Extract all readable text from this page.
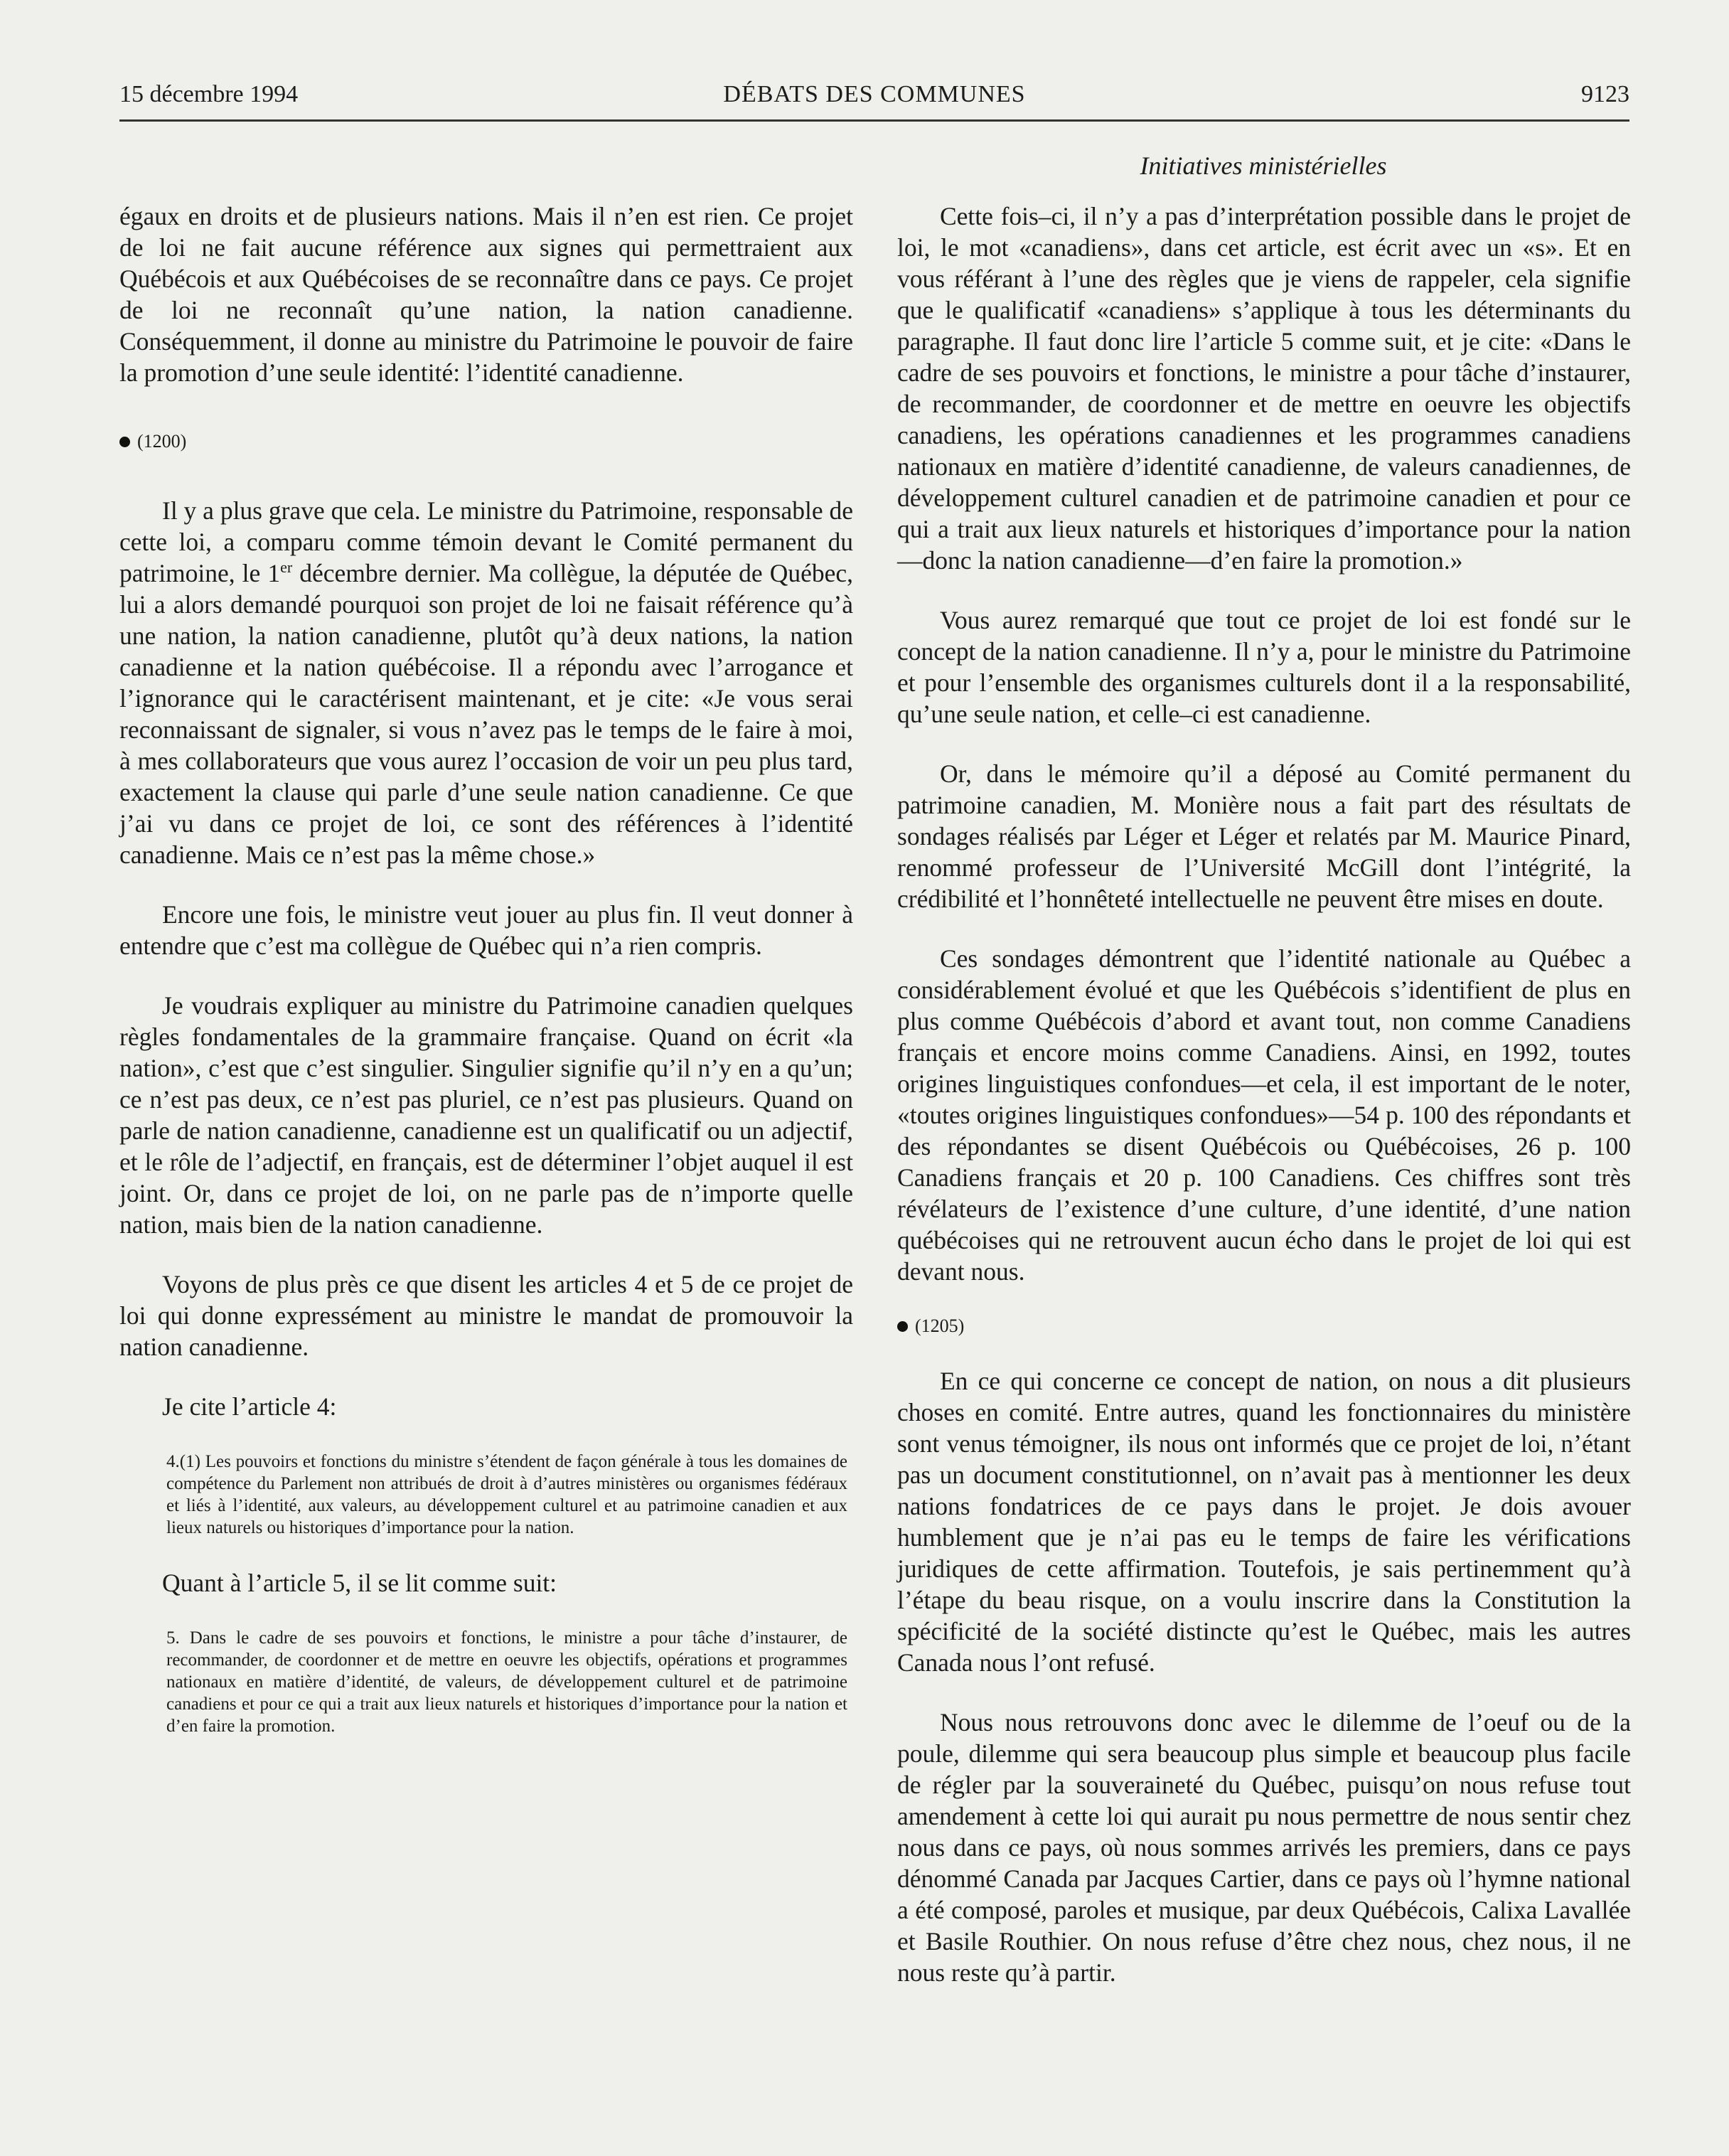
15 décembre 1994	DÉBATS DES COMMUNES	9123
Initiatives ministérielles

égaux en droits et de plusieurs nations. Mais il n’en est rien. Ce projet de loi ne fait aucune référence aux signes qui permettraient aux Québécois et aux Québécoises de se reconnaître dans ce pays. Ce projet de loi ne reconnaît qu’une nation, la nation canadienne. Conséquemment, il donne au ministre du Patrimoine le pouvoir de faire la promotion d’une seule identité: l’identité canadienne.

(1200)

Il y a plus grave que cela. Le ministre du Patrimoine, responsable de cette loi, a comparu comme témoin devant le Comité permanent du patrimoine, le 1er décembre dernier. Ma collègue, la députée de Québec, lui a alors demandé pourquoi son projet de loi ne faisait référence qu’à une nation, la nation canadienne, plutôt qu’à deux nations, la nation canadienne et la nation québécoise. Il a répondu avec l’arrogance et l’ignorance qui le caractérisent maintenant, et je cite: «Je vous serai reconnaissant de signaler, si vous n’avez pas le temps de le faire à moi, à mes collaborateurs que vous aurez l’occasion de voir un peu plus tard, exactement la clause qui parle d’une seule nation canadienne. Ce que j’ai vu dans ce projet de loi, ce sont des références à l’identité canadienne. Mais ce n’est pas la même chose.»

Encore une fois, le ministre veut jouer au plus fin. Il veut donner à entendre que c’est ma collègue de Québec qui n’a rien compris.

Je voudrais expliquer au ministre du Patrimoine canadien quelques règles fondamentales de la grammaire française. Quand on écrit «la nation», c’est que c’est singulier. Singulier signifie qu’il n’y en a qu’un; ce n’est pas deux, ce n’est pas pluriel, ce n’est pas plusieurs. Quand on parle de nation canadienne, canadienne est un qualificatif ou un adjectif, et le rôle de l’adjectif, en français, est de déterminer l’objet auquel il est joint. Or, dans ce projet de loi, on ne parle pas de n’importe quelle nation, mais bien de la nation canadienne.

Voyons de plus près ce que disent les articles 4 et 5 de ce projet de loi qui donne expressément au ministre le mandat de promouvoir la nation canadienne.

Je cite l’article 4:

4.(1) Les pouvoirs et fonctions du ministre s’étendent de façon générale à tous les domaines de compétence du Parlement non attribués de droit à d’autres ministères ou organismes fédéraux et liés à l’identité, aux valeurs, au développement culturel et au patrimoine canadien et aux lieux naturels ou historiques d’importance pour la nation.

Quant à l’article 5, il se lit comme suit:

5. Dans le cadre de ses pouvoirs et fonctions, le ministre a pour tâche d’instaurer, de recommander, de coordonner et de mettre en oeuvre les objectifs, opérations et programmes nationaux en matière d’identité, de valeurs, de développement culturel et de patrimoine canadiens et pour ce qui a trait aux lieux naturels et historiques d’importance pour la nation et d’en faire la promotion.

Cette fois–ci, il n’y a pas d’interprétation possible dans le projet de loi, le mot «canadiens», dans cet article, est écrit avec un «s». Et en vous référant à l’une des règles que je viens de rappeler, cela signifie que le qualificatif «canadiens» s’applique à tous les déterminants du paragraphe. Il faut donc lire l’article 5 comme suit, et je cite: «Dans le cadre de ses pouvoirs et fonctions, le ministre a pour tâche d’instaurer, de recommander, de coordonner et de mettre en oeuvre les objectifs canadiens, les opérations canadiennes et les programmes canadiens nationaux en matière d’identité canadienne, de valeurs canadiennes, de développement culturel canadien et de patrimoine canadien et pour ce qui a trait aux lieux naturels et historiques d’importance pour la nation—donc la nation canadienne—d’en faire la promotion.»

Vous aurez remarqué que tout ce projet de loi est fondé sur le concept de la nation canadienne. Il n’y a, pour le ministre du Patrimoine et pour l’ensemble des organismes culturels dont il a la responsabilité, qu’une seule nation, et celle–ci est canadienne.

Or, dans le mémoire qu’il a déposé au Comité permanent du patrimoine canadien, M. Monière nous a fait part des résultats de sondages réalisés par Léger et Léger et relatés par M. Maurice Pinard, renommé professeur de l’Université McGill dont l’intégrité, la crédibilité et l’honnêteté intellectuelle ne peuvent être mises en doute.

Ces sondages démontrent que l’identité nationale au Québec a considérablement évolué et que les Québécois s’identifient de plus en plus comme Québécois d’abord et avant tout, non comme Canadiens français et encore moins comme Canadiens. Ainsi, en 1992, toutes origines linguistiques confondues—et cela, il est important de le noter, «toutes origines linguistiques confondues»—54 p. 100 des répondants et des répondantes se disent Québécois ou Québécoises, 26 p. 100 Canadiens français et 20 p. 100 Canadiens. Ces chiffres sont très révélateurs de l’existence d’une culture, d’une identité, d’une nation québécoises qui ne retrouvent aucun écho dans le projet de loi qui est devant nous.

(1205)

En ce qui concerne ce concept de nation, on nous a dit plusieurs choses en comité. Entre autres, quand les fonctionnaires du ministère sont venus témoigner, ils nous ont informés que ce projet de loi, n’étant pas un document constitutionnel, on n’avait pas à mentionner les deux nations fondatrices de ce pays dans le projet. Je dois avouer humblement que je n’ai pas eu le temps de faire les vérifications juridiques de cette affirmation. Toutefois, je sais pertinemment qu’à l’étape du beau risque, on a voulu inscrire dans la Constitution la spécificité de la société distincte qu’est le Québec, mais les autres Canada nous l’ont refusé.

Nous nous retrouvons donc avec le dilemme de l’oeuf ou de la poule, dilemme qui sera beaucoup plus simple et beaucoup plus facile de régler par la souveraineté du Québec, puisqu’on nous refuse tout amendement à cette loi qui aurait pu nous permettre de nous sentir chez nous dans ce pays, où nous sommes arrivés les premiers, dans ce pays dénommé Canada par Jacques Cartier, dans ce pays où l’hymne national a été composé, paroles et musique, par deux Québécois, Calixa Lavallée et Basile Routhier. On nous refuse d’être chez nous, chez nous, il ne nous reste qu’à partir.
